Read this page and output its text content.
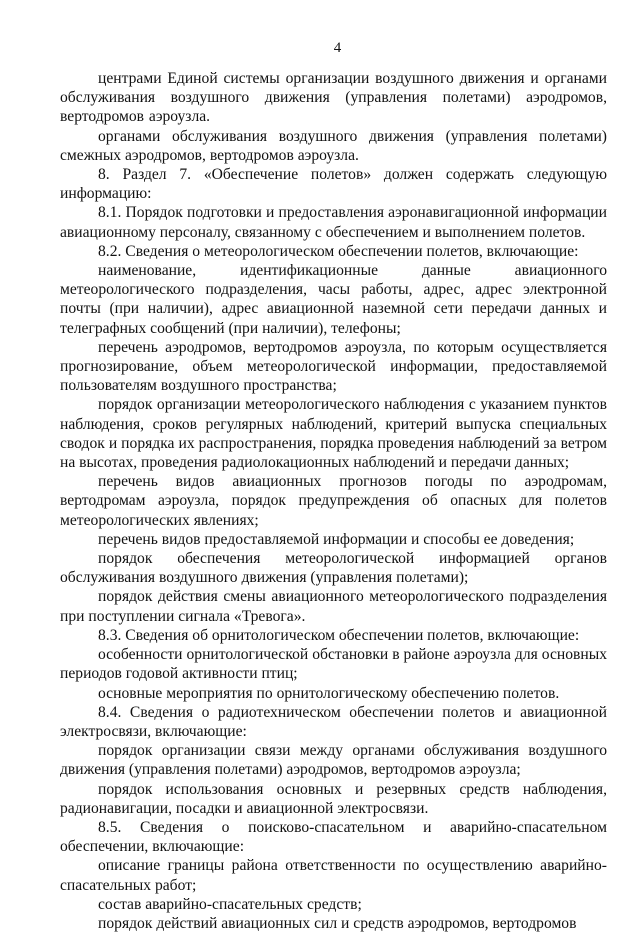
4

центрами Единой системы организации воздушного движения и органами обслуживания воздушного движения (управления полетами) аэродромов, вертодромов аэроузла.

органами обслуживания воздушного движения (управления полетами) смежных аэродромов, вертодромов аэроузла.

8. Раздел 7. «Обеспечение полетов» должен содержать следующую информацию:

8.1. Порядок подготовки и предоставления аэронавигационной информации авиационному персоналу, связанному с обеспечением и выполнением полетов.

8.2. Сведения о метеорологическом обеспечении полетов, включающие:

наименование, идентификационные данные авиационного метеорологического подразделения, часы работы, адрес, адрес электронной почты (при наличии), адрес авиационной наземной сети передачи данных и телеграфных сообщений (при наличии), телефоны;

перечень аэродромов, вертодромов аэроузла, по которым осуществляется прогнозирование, объем метеорологической информации, предоставляемой пользователям воздушного пространства;

порядок организации метеорологического наблюдения с указанием пунктов наблюдения, сроков регулярных наблюдений, критерий выпуска специальных сводок и порядка их распространения, порядка проведения наблюдений за ветром на высотах, проведения радиолокационных наблюдений и передачи данных;

перечень видов авиационных прогнозов погоды по аэродромам, вертодромам аэроузла, порядок предупреждения об опасных для полетов метеорологических явлениях;

перечень видов предоставляемой информации и способы ее доведения;

порядок обеспечения метеорологической информацией органов обслуживания воздушного движения (управления полетами);

порядок действия смены авиационного метеорологического подразделения при поступлении сигнала «Тревога».

8.3. Сведения об орнитологическом обеспечении полетов, включающие:

особенности орнитологической обстановки в районе аэроузла для основных периодов годовой активности птиц;

основные мероприятия по орнитологическому обеспечению полетов.

8.4. Сведения о радиотехническом обеспечении полетов и авиационной электросвязи, включающие:

порядок организации связи между органами обслуживания воздушного движения (управления полетами) аэродромов, вертодромов аэроузла;

порядок использования основных и резервных средств наблюдения, радионавигации, посадки и авиационной электросвязи.

8.5. Сведения о поисково-спасательном и аварийно-спасательном обеспечении, включающие:

описание границы района ответственности по осуществлению аварийно-спасательных работ;

состав аварийно-спасательных средств;

порядок действий авиационных сил и средств аэродромов, вертодромов
